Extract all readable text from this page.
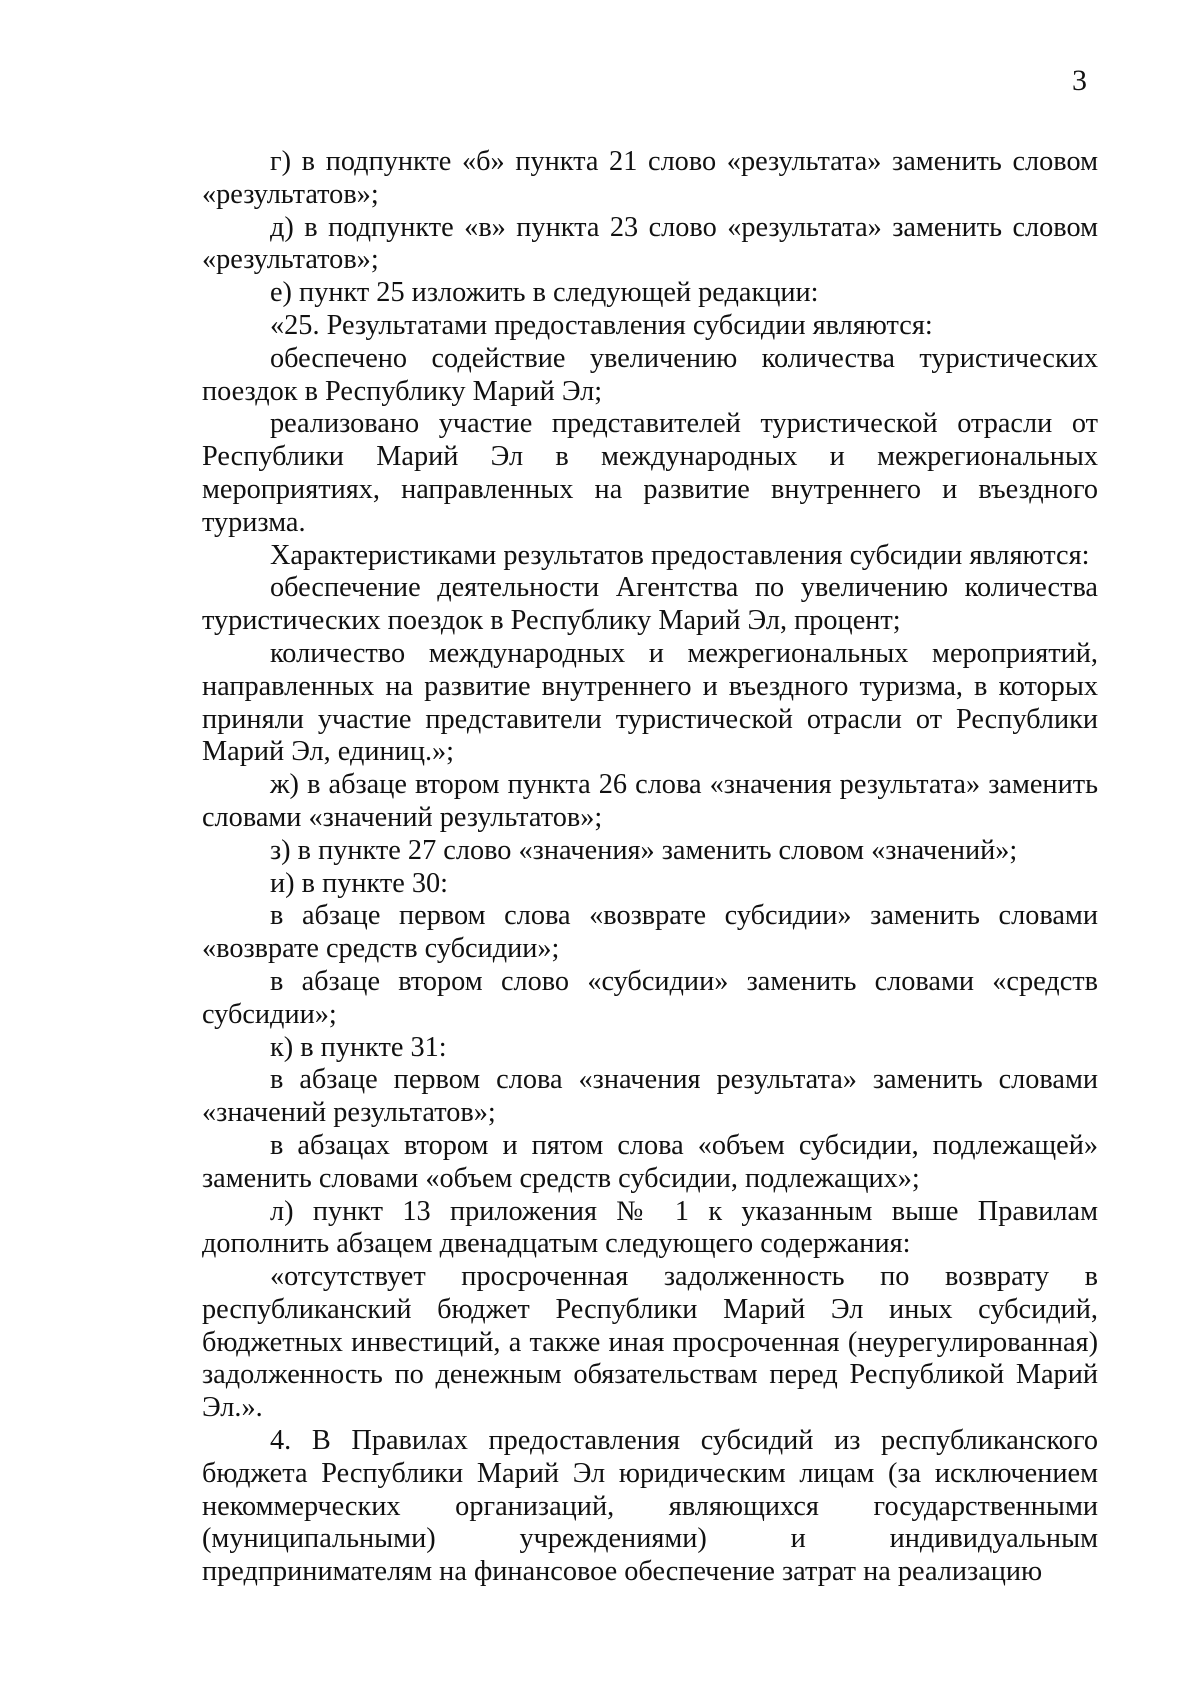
3

г) в подпункте «б» пункта 21 слово «результата» заменить словом «результатов»;

д) в подпункте «в» пункта 23 слово «результата» заменить словом «результатов»;

е) пункт 25 изложить в следующей редакции:

«25. Результатами предоставления субсидии являются:

обеспечено содействие увеличению количества туристических поездок в Республику Марий Эл;

реализовано участие представителей туристической отрасли от Республики Марий Эл в международных и межрегиональных мероприятиях, направленных на развитие внутреннего и въездного туризма.

Характеристиками результатов предоставления субсидии являются:

обеспечение деятельности Агентства по увеличению количества туристических поездок в Республику Марий Эл, процент;

количество международных и межрегиональных мероприятий, направленных на развитие внутреннего и въездного туризма, в которых приняли участие представители туристической отрасли от Республики Марий Эл, единиц.»;

ж) в абзаце втором пункта 26 слова «значения результата» заменить словами «значений результатов»;

з) в пункте 27 слово «значения» заменить словом «значений»;

и) в пункте 30:

в абзаце первом слова «возврате субсидии» заменить словами «возврате средств субсидии»;

в абзаце втором слово «субсидии» заменить словами «средств субсидии»;

к) в пункте 31:

в абзаце первом слова «значения результата» заменить словами «значений результатов»;

в абзацах втором и пятом слова «объем субсидии, подлежащей» заменить словами «объем средств субсидии, подлежащих»;

л) пункт 13 приложения № 1 к указанным выше Правилам дополнить абзацем двенадцатым следующего содержания:

«отсутствует просроченная задолженность по возврату в республиканский бюджет Республики Марий Эл иных субсидий, бюджетных инвестиций, а также иная просроченная (неурегулированная) задолженность по денежным обязательствам перед Республикой Марий Эл.».

4. В Правилах предоставления субсидий из республиканского бюджета Республики Марий Эл юридическим лицам (за исключением некоммерческих организаций, являющихся государственными (муниципальными) учреждениями) и индивидуальным предпринимателям на финансовое обеспечение затрат на реализацию
